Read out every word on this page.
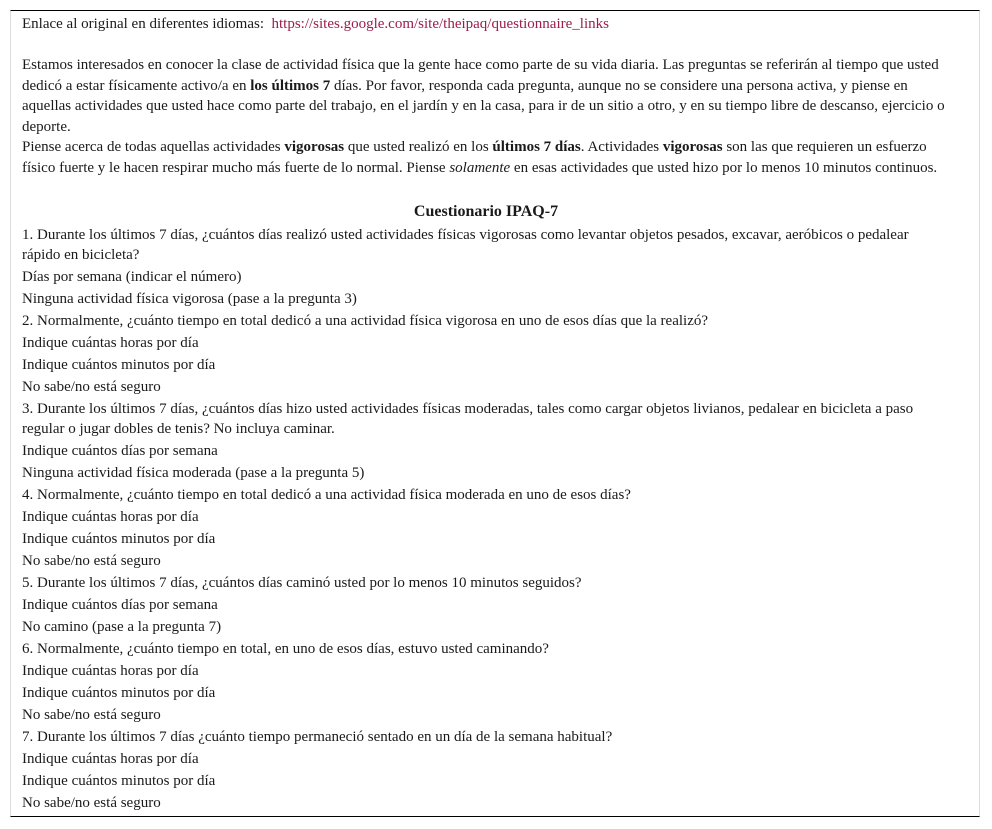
Enlace al original en diferentes idiomas: https://sites.google.com/site/theipaq/questionnaire_links

Estamos interesados en conocer la clase de actividad física que la gente hace como parte de su vida diaria. Las preguntas se referirán al tiempo que usted dedicó a estar físicamente activo/a en los últimos 7 días. Por favor, responda cada pregunta, aunque no se considere una persona activa, y piense en aquellas actividades que usted hace como parte del trabajo, en el jardín y en la casa, para ir de un sitio a otro, y en su tiempo libre de descanso, ejercicio o deporte.

Piense acerca de todas aquellas actividades vigorosas que usted realizó en los últimos 7 días. Actividades vigorosas son las que requieren un esfuerzo físico fuerte y le hacen respirar mucho más fuerte de lo normal. Piense solamente en esas actividades que usted hizo por lo menos 10 minutos continuos.

Cuestionario IPAQ-7
1. Durante los últimos 7 días, ¿cuántos días realizó usted actividades físicas vigorosas como levantar objetos pesados, excavar, aeróbicos o pedalear rápido en bicicleta?
Días por semana (indicar el número)
Ninguna actividad física vigorosa (pase a la pregunta 3)
2. Normalmente, ¿cuánto tiempo en total dedicó a una actividad física vigorosa en uno de esos días que la realizó?
Indique cuántas horas por día
Indique cuántos minutos por día
No sabe/no está seguro
3. Durante los últimos 7 días, ¿cuántos días hizo usted actividades físicas moderadas, tales como cargar objetos livianos, pedalear en bicicleta a paso regular o jugar dobles de tenis? No incluya caminar.
Indique cuántos días por semana
Ninguna actividad física moderada (pase a la pregunta 5)
4. Normalmente, ¿cuánto tiempo en total dedicó a una actividad física moderada en uno de esos días?
Indique cuántas horas por día
Indique cuántos minutos por día
No sabe/no está seguro
5. Durante los últimos 7 días, ¿cuántos días caminó usted por lo menos 10 minutos seguidos?
Indique cuántos días por semana
No camino (pase a la pregunta 7)
6. Normalmente, ¿cuánto tiempo en total, en uno de esos días, estuvo usted caminando?
Indique cuántas horas por día
Indique cuántos minutos por día
No sabe/no está seguro
7. Durante los últimos 7 días ¿cuánto tiempo permaneció sentado en un día de la semana habitual?
Indique cuántas horas por día
Indique cuántos minutos por día
No sabe/no está seguro
